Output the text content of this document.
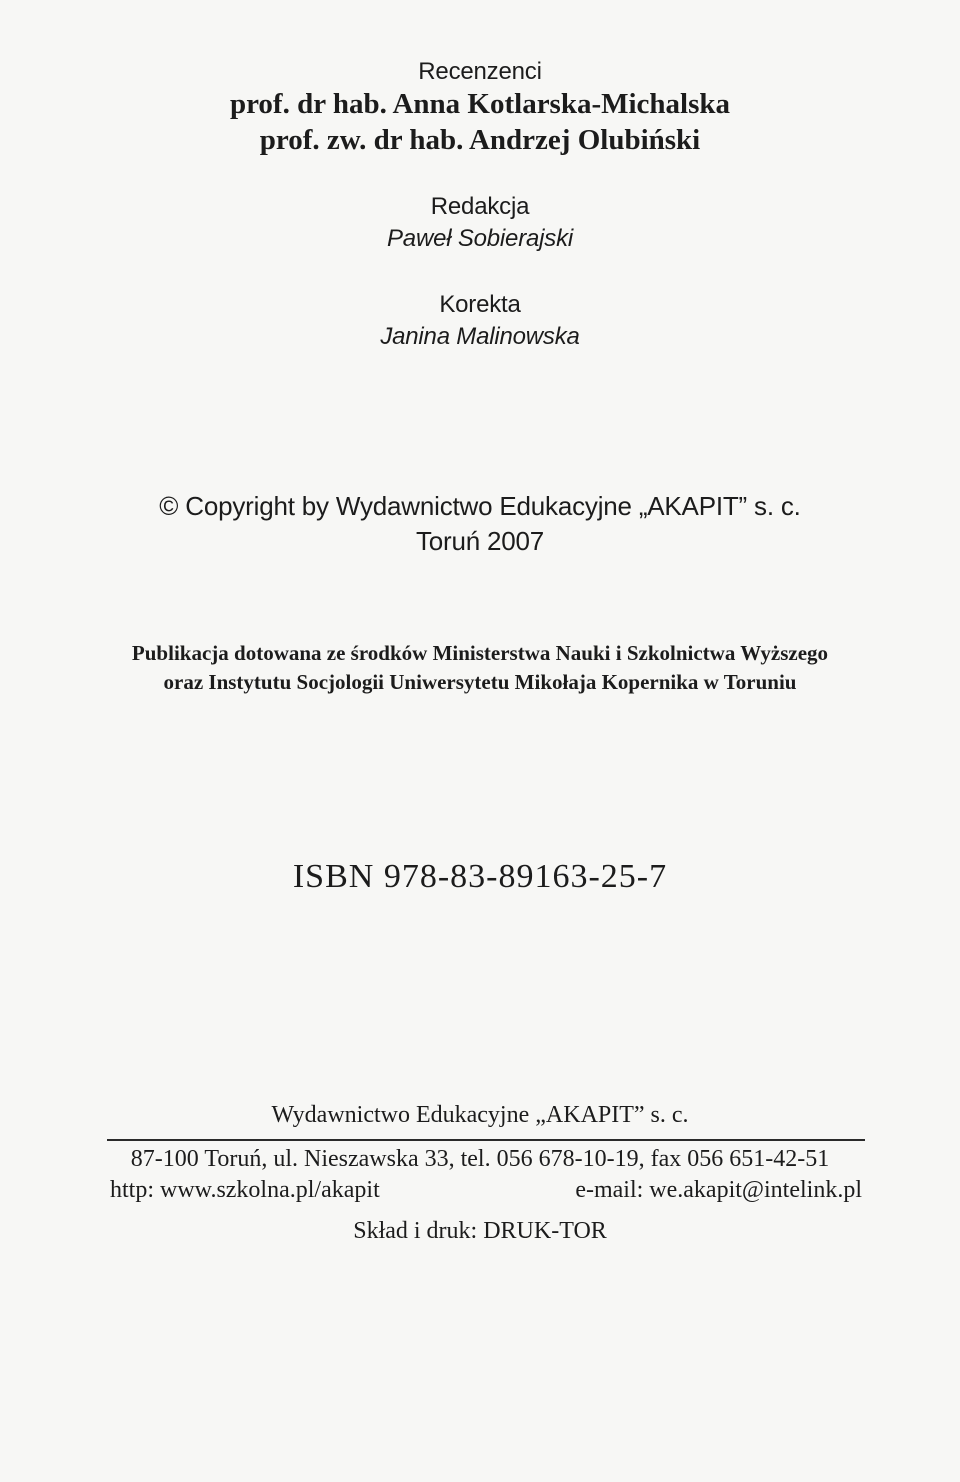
Recenzenci
prof. dr hab. Anna Kotlarska-Michalska
prof. zw. dr hab. Andrzej Olubiński
Redakcja
Paweł Sobierajski
Korekta
Janina Malinowska
© Copyright by Wydawnictwo Edukacyjne „AKAPIT” s. c.
Toruń 2007
Publikacja dotowana ze środków Ministerstwa Nauki i Szkolnictwa Wyższego
oraz Instytutu Socjologii Uniwersytetu Mikołaja Kopernika w Toruniu
ISBN 978-83-89163-25-7
Wydawnictwo Edukacyjne „AKAPIT” s. c.
87-100 Toruń, ul. Nieszawska 33, tel. 056 678-10-19, fax 056 651-42-51
http: www.szkolna.pl/akapit	e-mail: we.akapit@intelink.pl
Skład i druk: DRUK-TOR
